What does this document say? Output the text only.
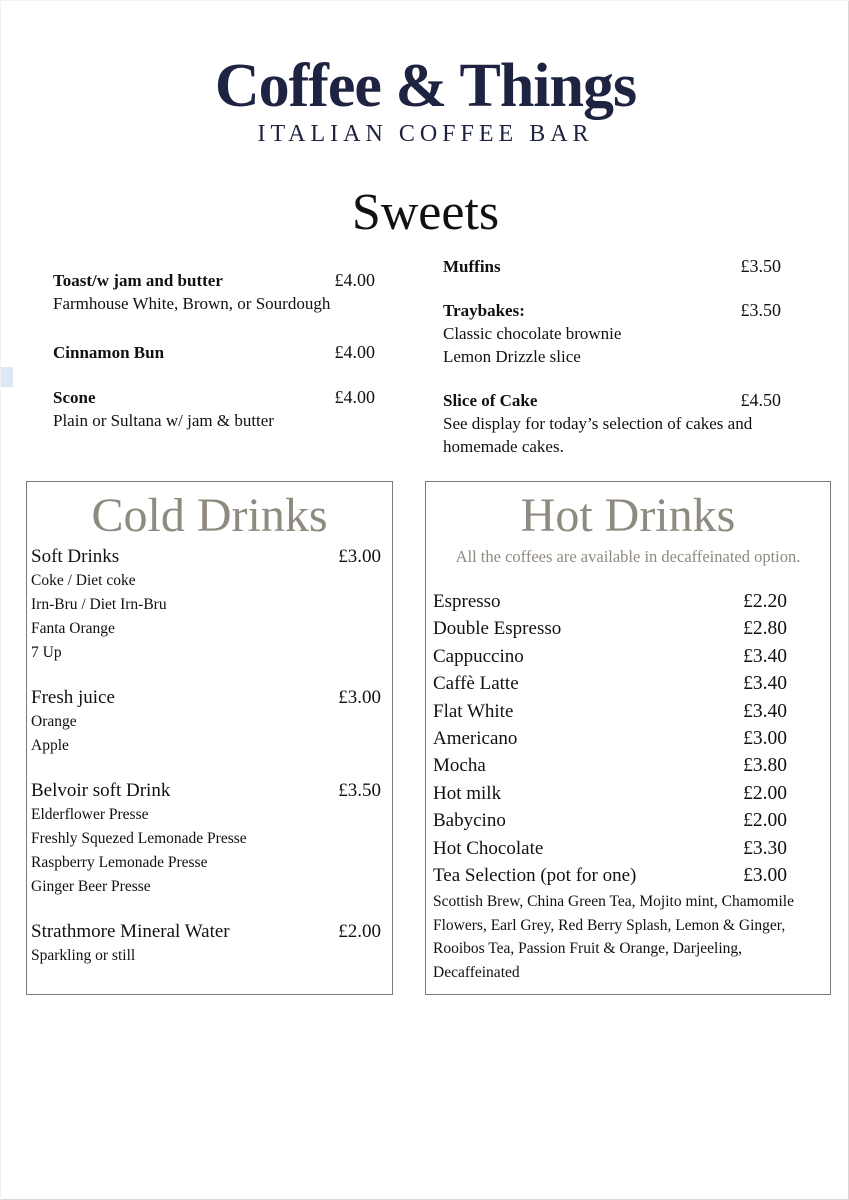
Coffee & Things
ITALIAN COFFEE BAR
Sweets
Toast/w jam and butter	£4.00
Farmhouse White, Brown, or Sourdough
Cinnamon Bun	£4.00
Scone	£4.00
Plain or Sultana w/ jam & butter
Muffins	£3.50
Traybakes:	£3.50
Classic chocolate brownie
Lemon Drizzle slice
Slice of Cake	£4.50
See display for today’s selection of cakes and
homemade cakes.
Cold Drinks
Soft Drinks	£3.00
Coke / Diet coke
Irn-Bru / Diet Irn-Bru
Fanta Orange
7 Up
Fresh juice	£3.00
Orange
Apple
Belvoir soft Drink	£3.50
Elderflower Presse
Freshly Squezed Lemonade Presse
Raspberry Lemonade Presse
Ginger Beer Presse
Strathmore Mineral Water	£2.00
Sparkling or still
Hot Drinks
All the coffees are available in decaffeinated option.
Espresso	£2.20
Double Espresso	£2.80
Cappuccino	£3.40
Caffè Latte	£3.40
Flat White	£3.40
Americano	£3.00
Mocha	£3.80
Hot milk	£2.00
Babycino	£2.00
Hot Chocolate	£3.30
Tea Selection (pot for one)	£3.00
Scottish Brew, China Green Tea, Mojito mint, Chamomile
Flowers, Earl Grey, Red Berry Splash, Lemon & Ginger,
Rooibos Tea, Passion Fruit & Orange, Darjeeling,
Decaffeinated
